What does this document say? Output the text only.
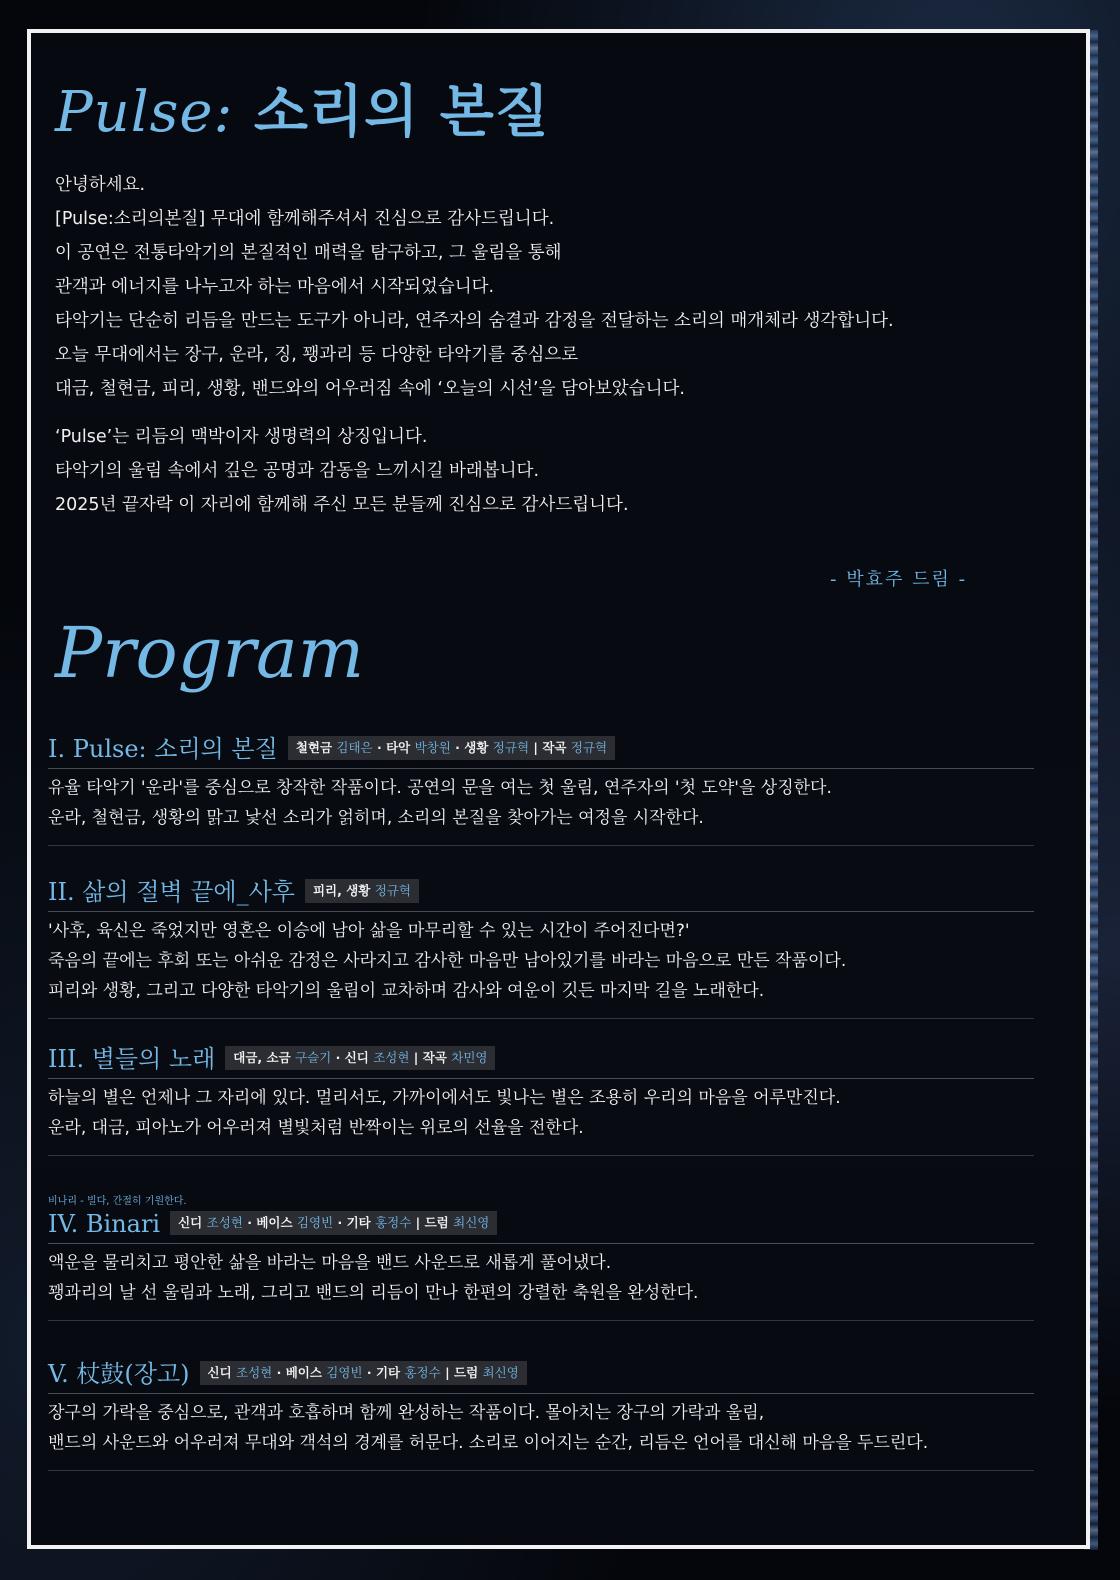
Pulse: 소리의 본질

안녕하세요.

[Pulse:소리의본질] 무대에 함께해주셔서 진심으로 감사드립니다.

이 공연은 전통타악기의 본질적인 매력을 탐구하고, 그 울림을 통해

관객과 에너지를 나누고자 하는 마음에서 시작되었습니다.

타악기는 단순히 리듬을 만드는 도구가 아니라, 연주자의 숨결과 감정을 전달하는 소리의 매개체라 생각합니다.

오늘 무대에서는 장구, 운라, 징, 꽹과리 등 다양한 타악기를 중심으로

대금, 철현금, 피리, 생황, 밴드와의 어우러짐 속에 ‘오늘의 시선’을 담아보았습니다.

‘Pulse’는 리듬의 맥박이자 생명력의 상징입니다.

타악기의 울림 속에서 깊은 공명과 감동을 느끼시길 바래봅니다.

2025년 끝자락 이 자리에 함께해 주신 모든 분들께 진심으로 감사드립니다.

- 박효주 드림 -
Program
비나리 - 빌다, 간절히 기원한다.
I. Pulse: 소리의 본질	철현금 김태은 · 타악 박창원 · 생황 정규혁 | 작곡 정규혁

유율 타악기 '운라'를 중심으로 창작한 작품이다. 공연의 문을 여는 첫 울림, 연주자의 '첫 도약'을 상징한다.

운라, 철현금, 생황의 맑고 낯선 소리가 얽히며, 소리의 본질을 찾아가는 여정을 시작한다.

II. 삶의 절벽 끝에_사후	피리, 생황 정규혁

'사후, 육신은 죽었지만 영혼은 이승에 남아 삶을 마무리할 수 있는 시간이 주어진다면?'

죽음의 끝에는 후회 또는 아쉬운 감정은 사라지고 감사한 마음만 남아있기를 바라는 마음으로 만든 작품이다.

피리와 생황, 그리고 다양한 타악기의 울림이 교차하며 감사와 여운이 깃든 마지막 길을 노래한다.

III. 별들의 노래	대금, 소금 구슬기 · 신디 조성현 | 작곡 차민영

하늘의 별은 언제나 그 자리에 있다. 멀리서도, 가까이에서도 빛나는 별은 조용히 우리의 마음을 어루만진다.

운라, 대금, 피아노가 어우러져 별빛처럼 반짝이는 위로의 선율을 전한다.

IV. Binari	신디 조성현 · 베이스 김영빈 · 기타 홍정수 | 드럼 최신영

액운을 물리치고 평안한 삶을 바라는 마음을 밴드 사운드로 새롭게 풀어냈다.

꽹과리의 날 선 울림과 노래, 그리고 밴드의 리듬이 만나 한편의 강렬한 축원을 완성한다.

V. 杖鼓(장고)	신디 조성현 · 베이스 김영빈 · 기타 홍정수 | 드럼 최신영

장구의 가락을 중심으로, 관객과 호흡하며 함께 완성하는 작품이다. 몰아치는 장구의 가락과 울림,

밴드의 사운드와 어우러져 무대와 객석의 경계를 허문다. 소리로 이어지는 순간, 리듬은 언어를 대신해 마음을 두드린다.
